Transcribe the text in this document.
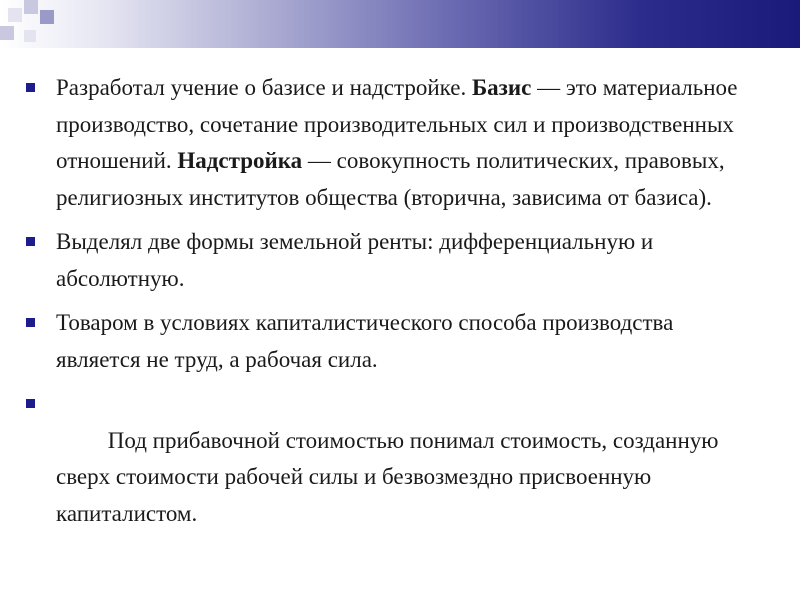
Разработал учение о базисе и надстройке. Базис — это материальное производство, сочетание производительных сил и производственных отношений. Надстройка — совокупность политических, правовых, религиозных институтов общества (вторична, зависима от базиса).
Выделял две формы земельной ренты: дифференциальную и абсолютную.
Товаром в условиях капиталистического способа производства является не труд, а рабочая сила.

Под прибавочной стоимостью понимал стоимость, созданную сверх стоимости рабочей силы и безвозмездно присвоенную капиталистом.
